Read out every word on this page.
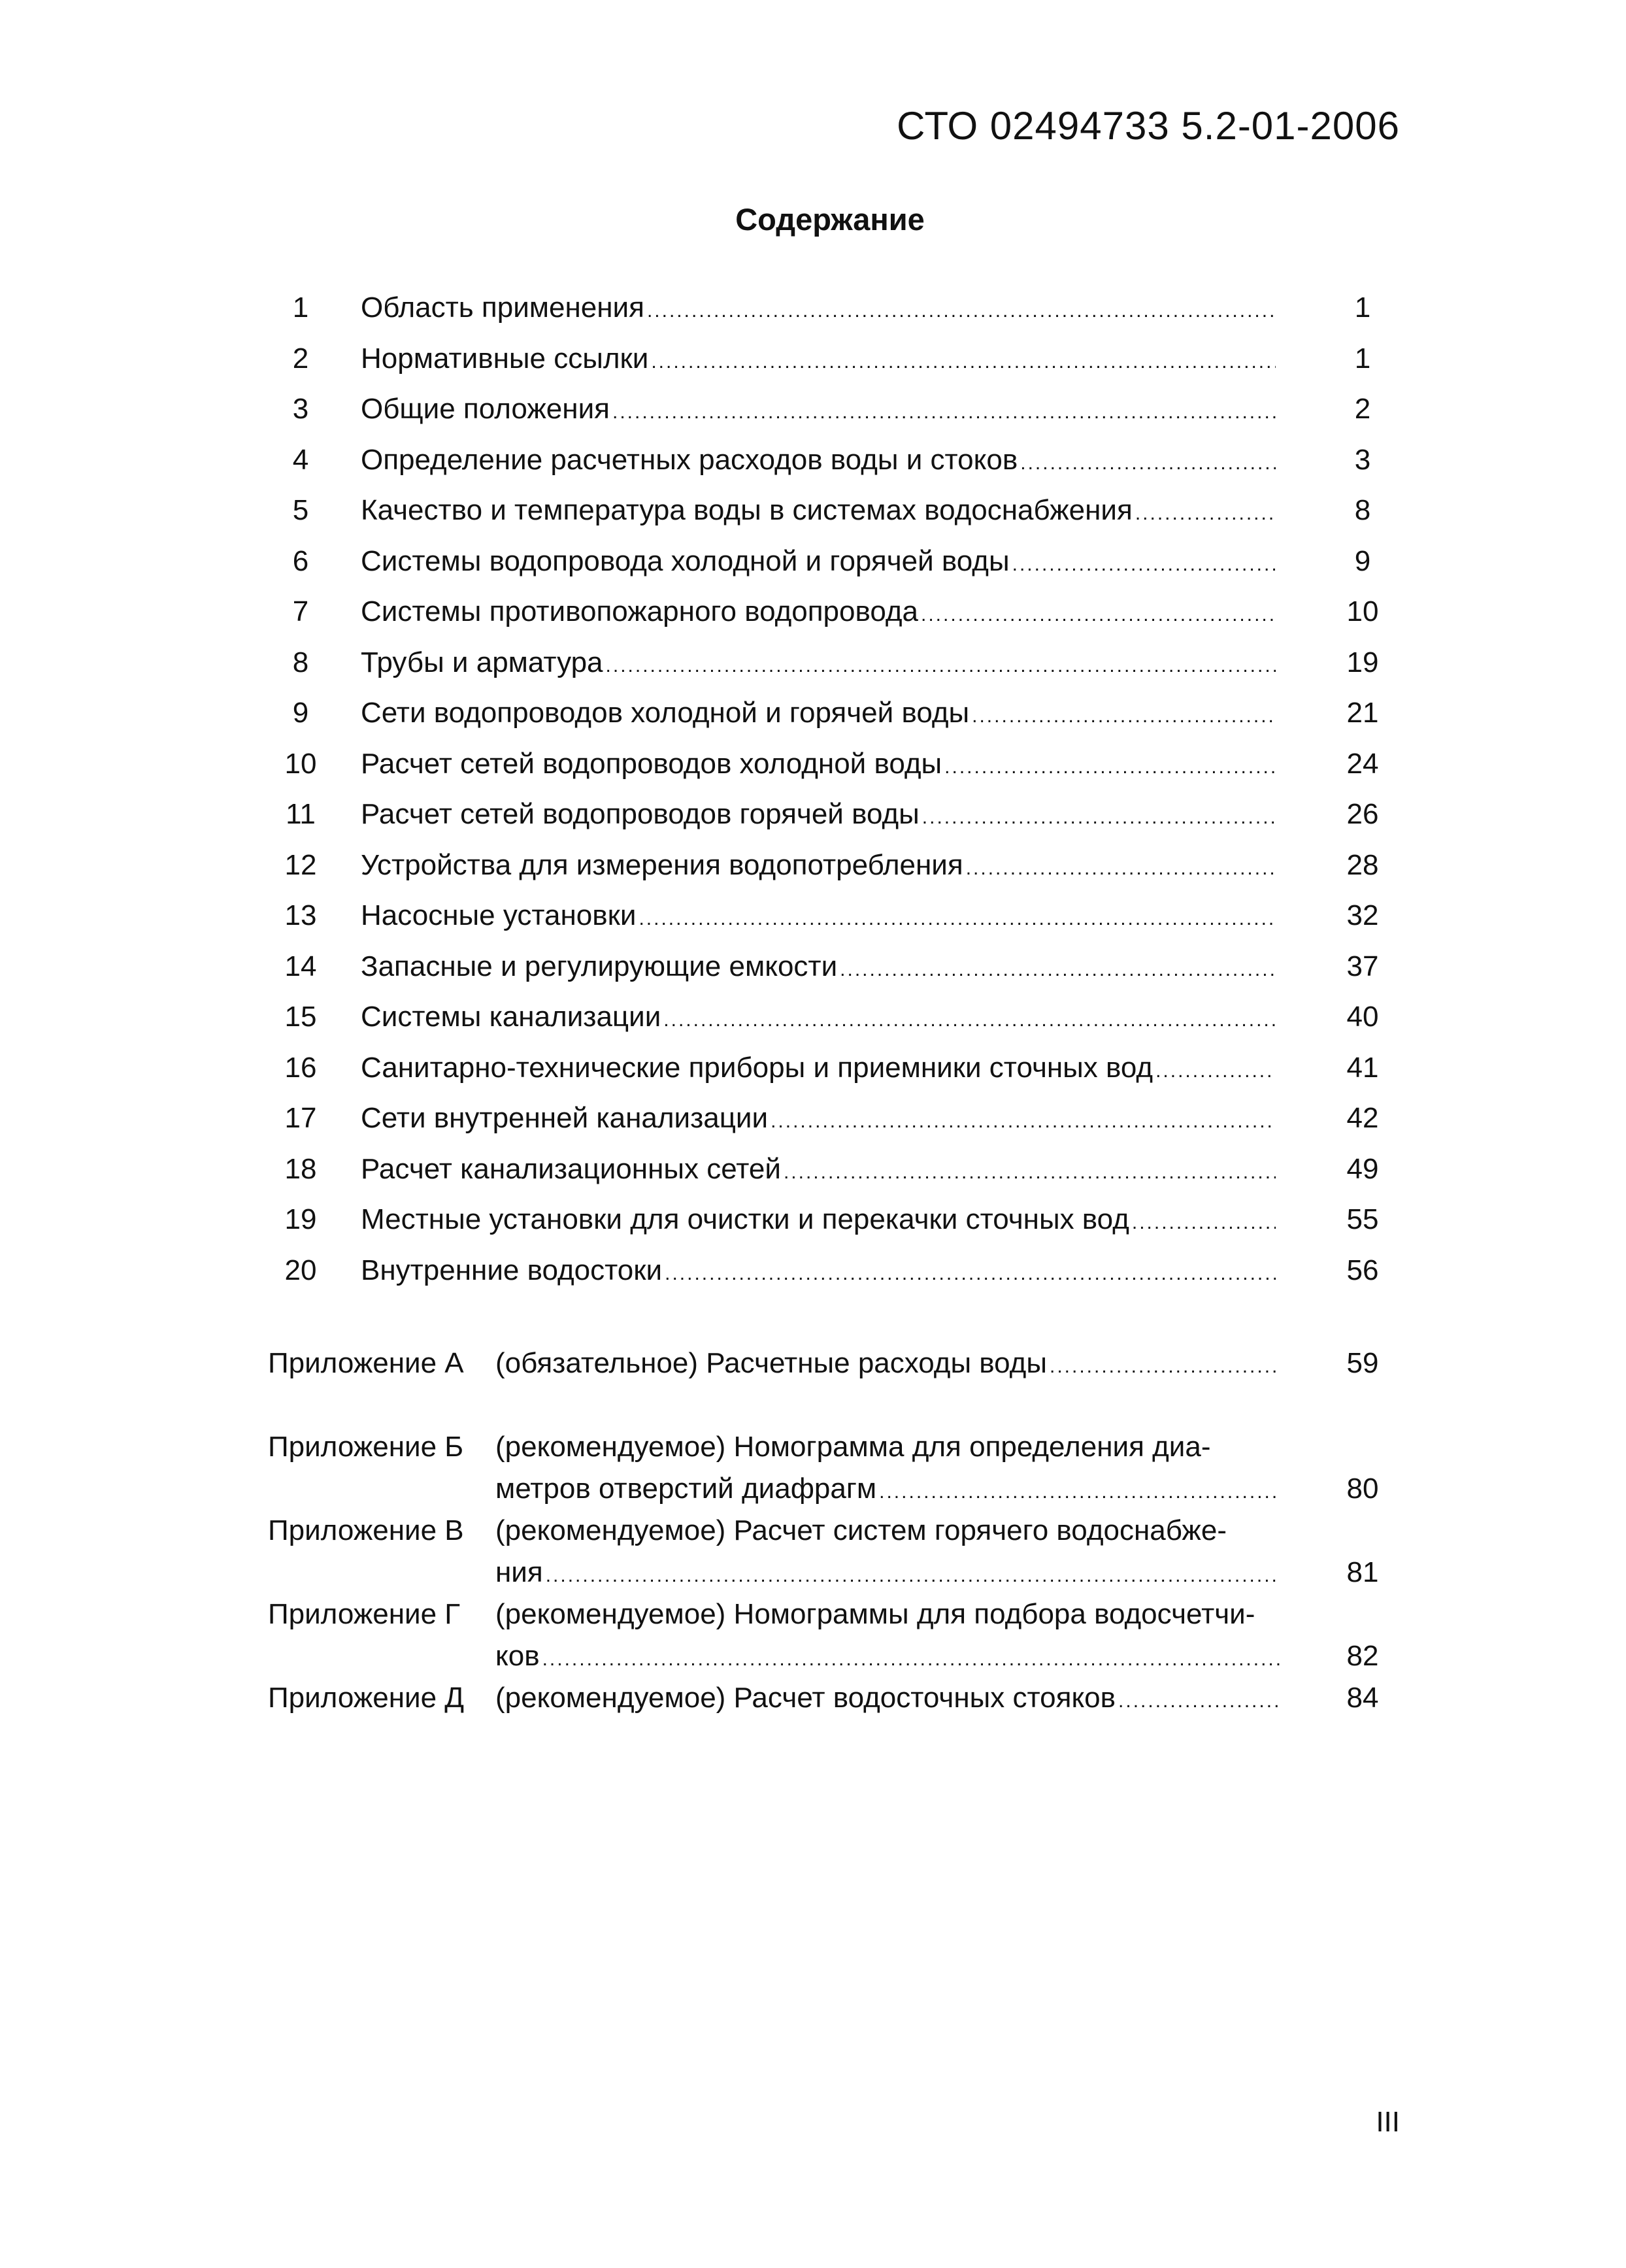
СТО 02494733 5.2-01-2006
Содержание
1	Область применения .....	1
2	Нормативные ссылки .....	1
3	Общие положения .....	2
4	Определение расчетных расходов воды и стоков .....	3
5	Качество и температура воды в системах водоснабжения .....	8
6	Системы водопровода холодной и горячей воды .....	9
7	Системы противопожарного водопровода .....	10
8	Трубы и арматура .....	19
9	Сети водопроводов холодной и горячей воды .....	21
10	Расчет сетей водопроводов холодной воды .....	24
11	Расчет сетей водопроводов горячей воды .....	26
12	Устройства для измерения водопотребления .....	28
13	Насосные установки .....	32
14	Запасные и регулирующие емкости .....	37
15	Системы канализации .....	40
16	Санитарно-технические приборы и приемники сточных вод .....	41
17	Сети внутренней канализации .....	42
18	Расчет канализационных сетей .....	49
19	Местные установки для очистки и перекачки сточных вод .....	55
20	Внутренние водостоки .....	56
Приложение А (обязательное) Расчетные расходы воды .....	59
Приложение Б (рекомендуемое) Номограмма для определения диа-
метров отверстий диафрагм .....	80
Приложение В (рекомендуемое) Расчет систем горячего водоснабже-
ния .....	81
Приложение Г (рекомендуемое) Номограммы для подбора водосчетчи-
ков .....	82
Приложение Д (рекомендуемое) Расчет водосточных стояков .....	84
III
